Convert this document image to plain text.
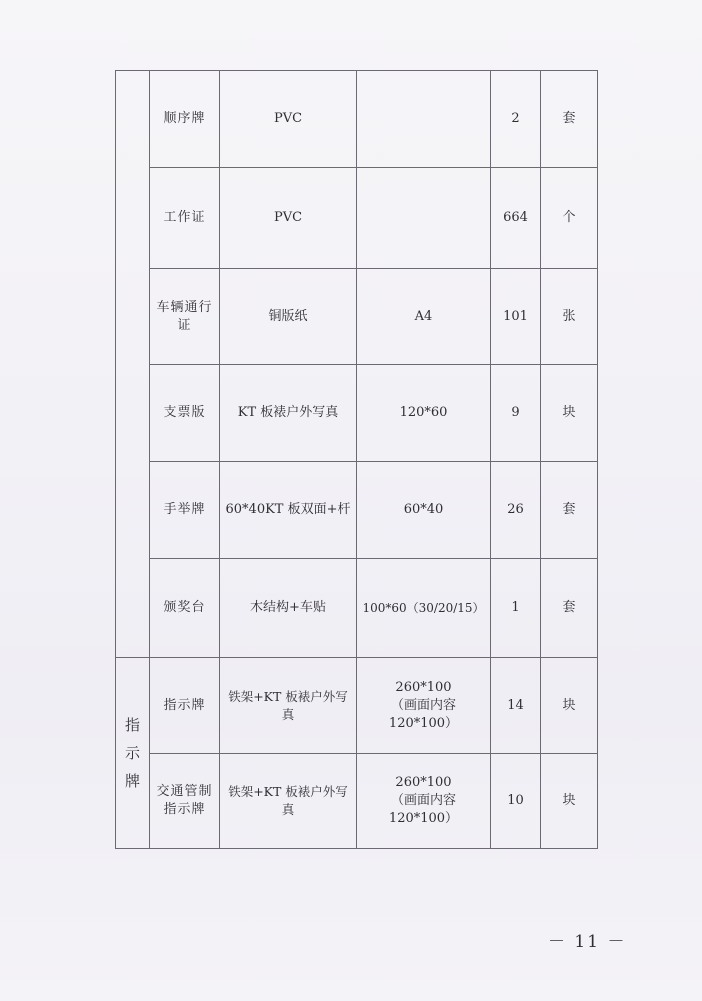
	顺序牌	PVC		2	套
	工作证	PVC		664	个
	车辆通行证	铜版纸	A4	101	张
	支票版	KT 板裱户外写真	120*60	9	块
	手举牌	60*40KT 板双面+杆	60*40	26	套
	颁奖台	木结构+车贴	100*60（30/20/15）	1	套
指示牌	指示牌	铁架+KT 板裱户外写真	260*100
（画面内容
120*100）	14	块
	交通管制指示牌	铁架+KT 板裱户外写真	260*100
（画面内容
120*100）	10	块
－ 11 －
